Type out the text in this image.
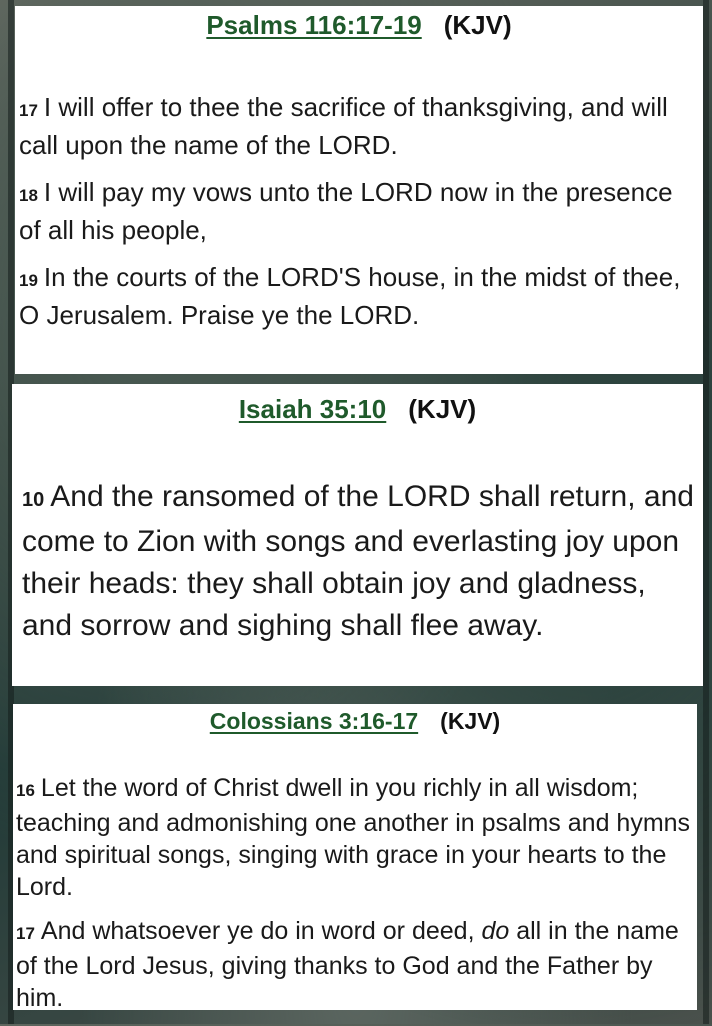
Psalms 116:17-19 (KJV)

17 I will offer to thee the sacrifice of thanksgiving, and will call upon the name of the LORD.

18 I will pay my vows unto the LORD now in the presence of all his people,

19 In the courts of the LORD'S house, in the midst of thee, O Jerusalem. Praise ye the LORD.

Isaiah 35:10 (KJV)

10 And the ransomed of the LORD shall return, and come to Zion with songs and everlasting joy upon their heads: they shall obtain joy and gladness, and sorrow and sighing shall flee away.

Colossians 3:16-17 (KJV)

16 Let the word of Christ dwell in you richly in all wisdom; teaching and admonishing one another in psalms and hymns and spiritual songs, singing with grace in your hearts to the Lord.

17 And whatsoever ye do in word or deed, do all in the name of the Lord Jesus, giving thanks to God and the Father by him.
